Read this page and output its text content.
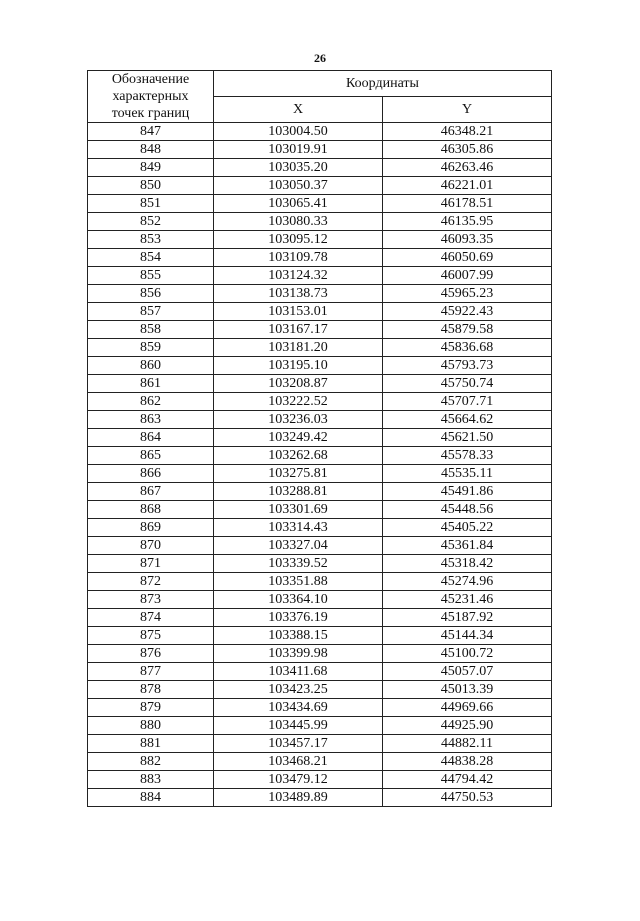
26
Обозначение
характерных
точек границ	Координаты	
	X	Y
847	103004.50	46348.21
848	103019.91	46305.86
849	103035.20	46263.46
850	103050.37	46221.01
851	103065.41	46178.51
852	103080.33	46135.95
853	103095.12	46093.35
854	103109.78	46050.69
855	103124.32	46007.99
856	103138.73	45965.23
857	103153.01	45922.43
858	103167.17	45879.58
859	103181.20	45836.68
860	103195.10	45793.73
861	103208.87	45750.74
862	103222.52	45707.71
863	103236.03	45664.62
864	103249.42	45621.50
865	103262.68	45578.33
866	103275.81	45535.11
867	103288.81	45491.86
868	103301.69	45448.56
869	103314.43	45405.22
870	103327.04	45361.84
871	103339.52	45318.42
872	103351.88	45274.96
873	103364.10	45231.46
874	103376.19	45187.92
875	103388.15	45144.34
876	103399.98	45100.72
877	103411.68	45057.07
878	103423.25	45013.39
879	103434.69	44969.66
880	103445.99	44925.90
881	103457.17	44882.11
882	103468.21	44838.28
883	103479.12	44794.42
884	103489.89	44750.53
